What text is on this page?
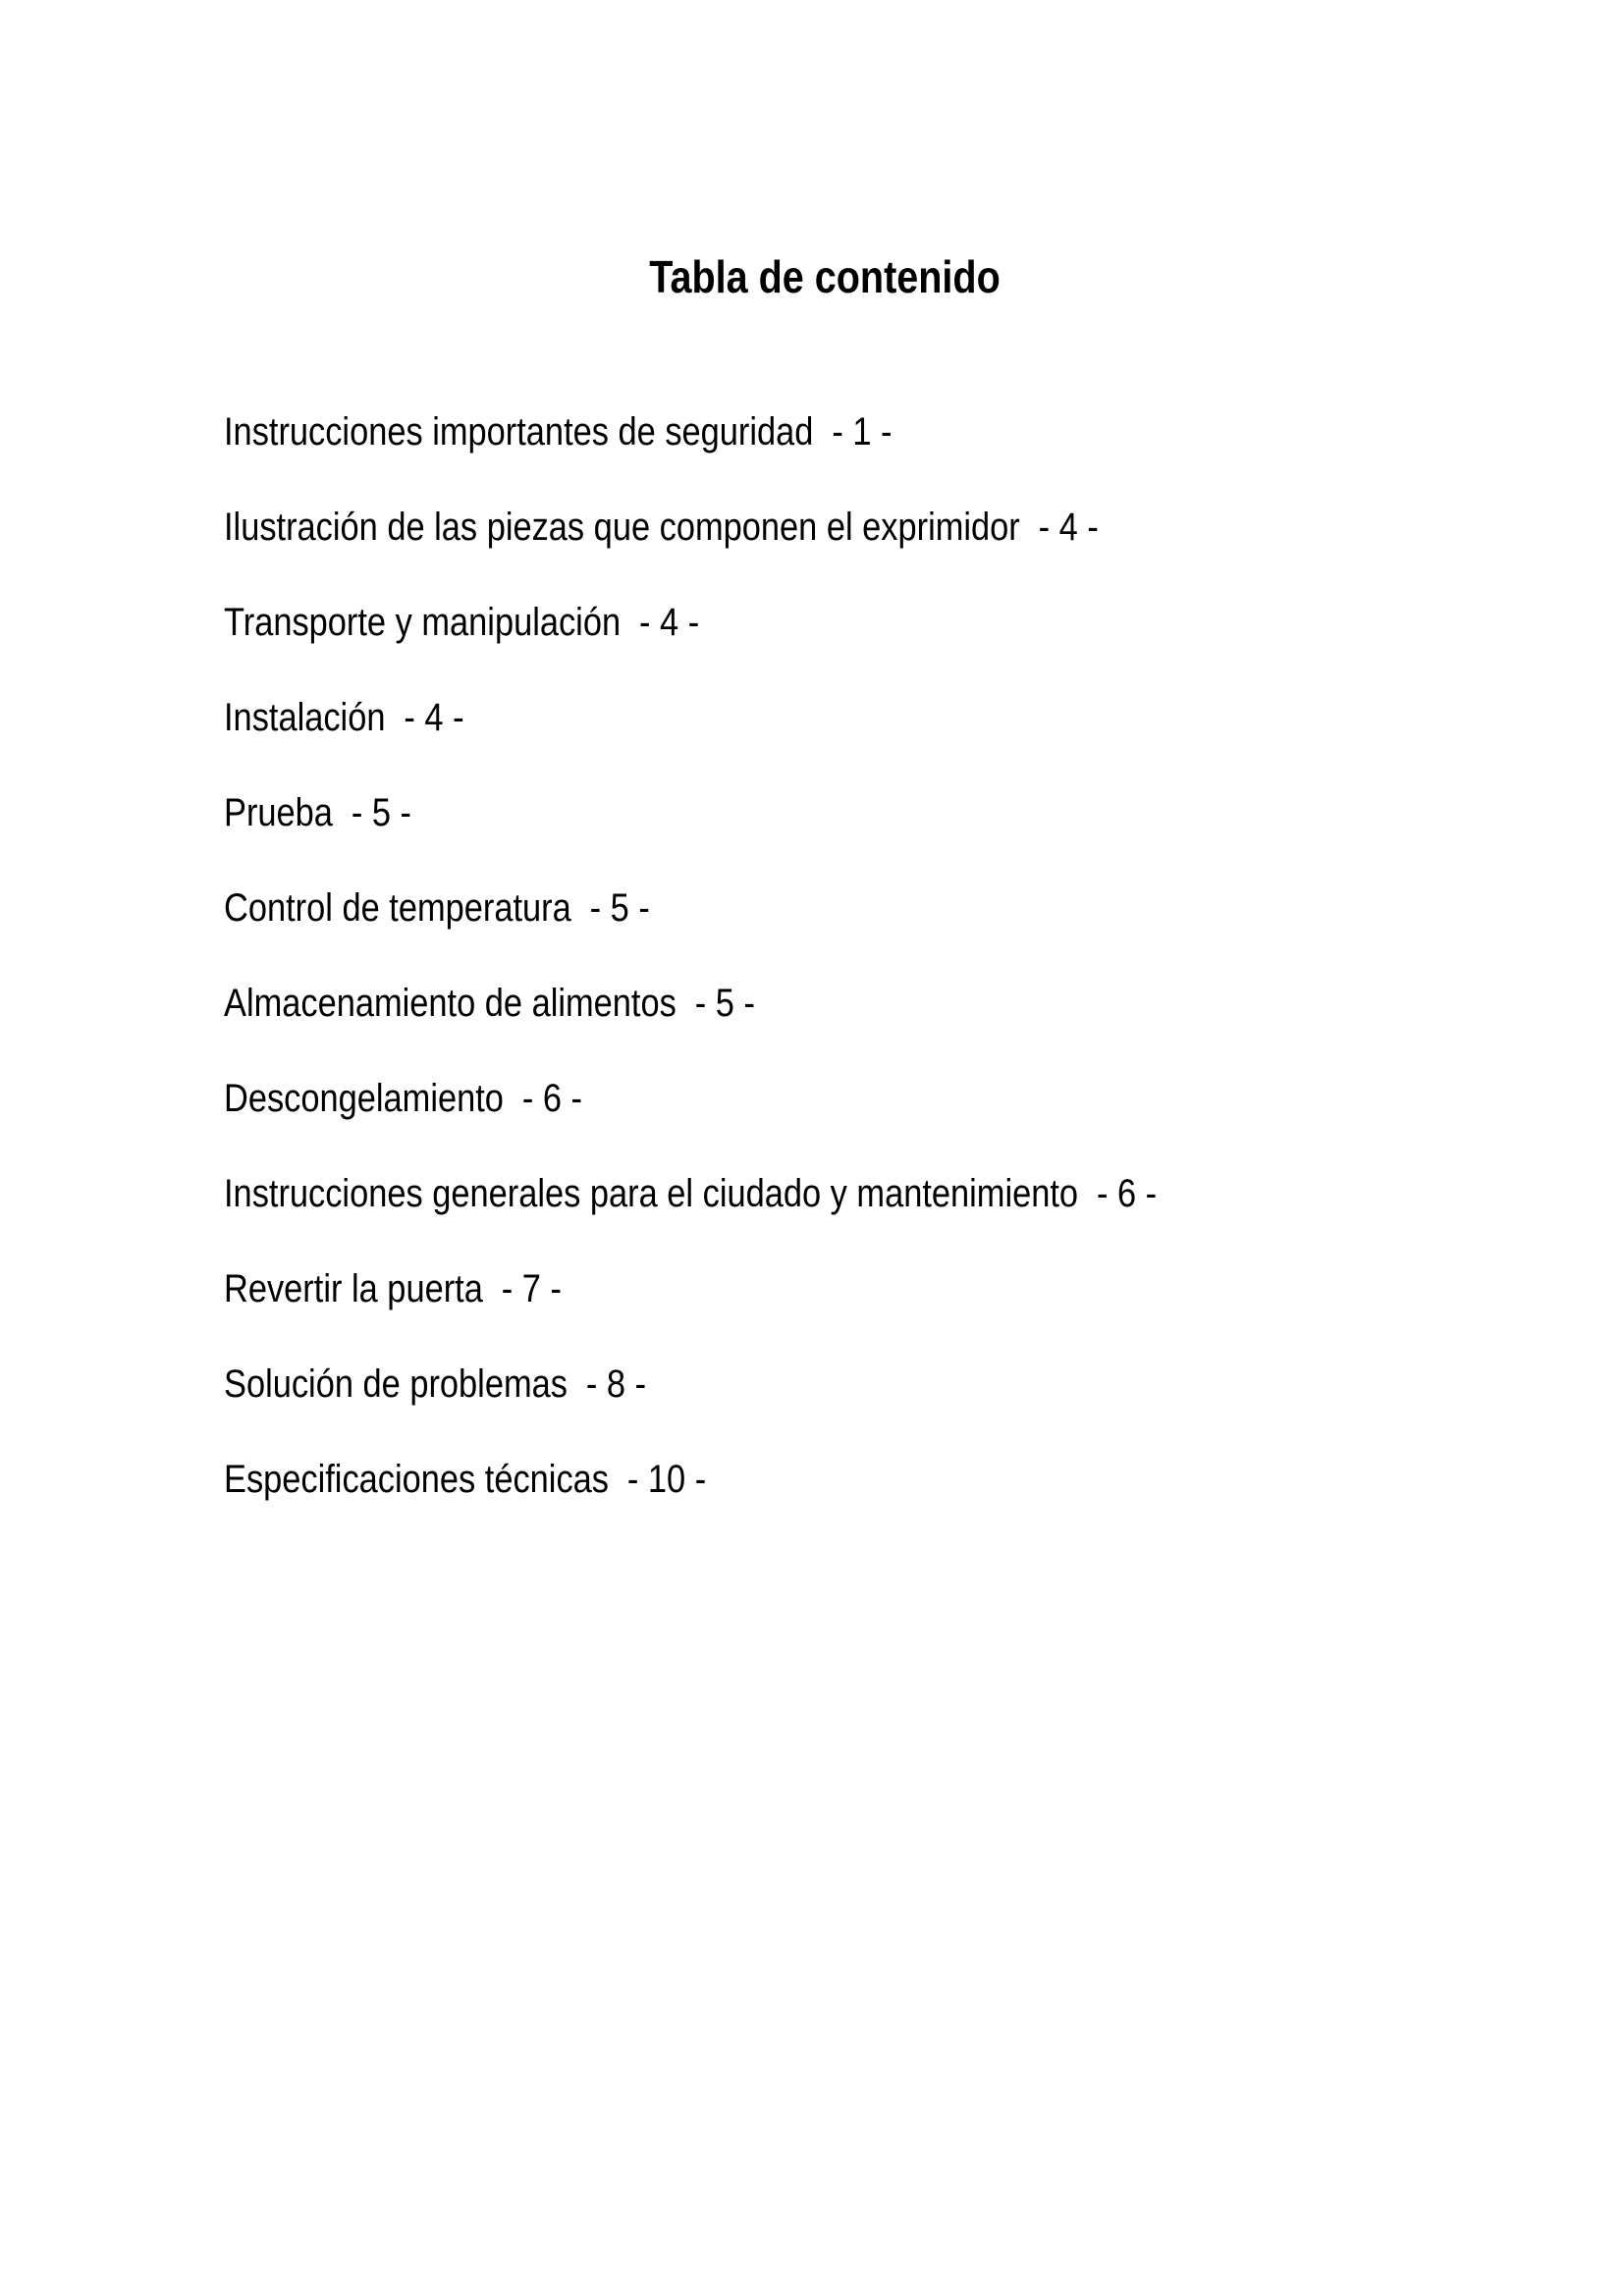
Tabla de contenido
Instrucciones importantes de seguridad - 1 -
Ilustración de las piezas que componen el exprimidor - 4 -
Transporte y manipulación - 4 -
Instalación - 4 -
Prueba - 5 -
Control de temperatura - 5 -
Almacenamiento de alimentos - 5 -
Descongelamiento - 6 -
Instrucciones generales para el ciudado y mantenimiento - 6 -
Revertir la puerta - 7 -
Solución de problemas - 8 -
Especificaciones técnicas - 10 -
